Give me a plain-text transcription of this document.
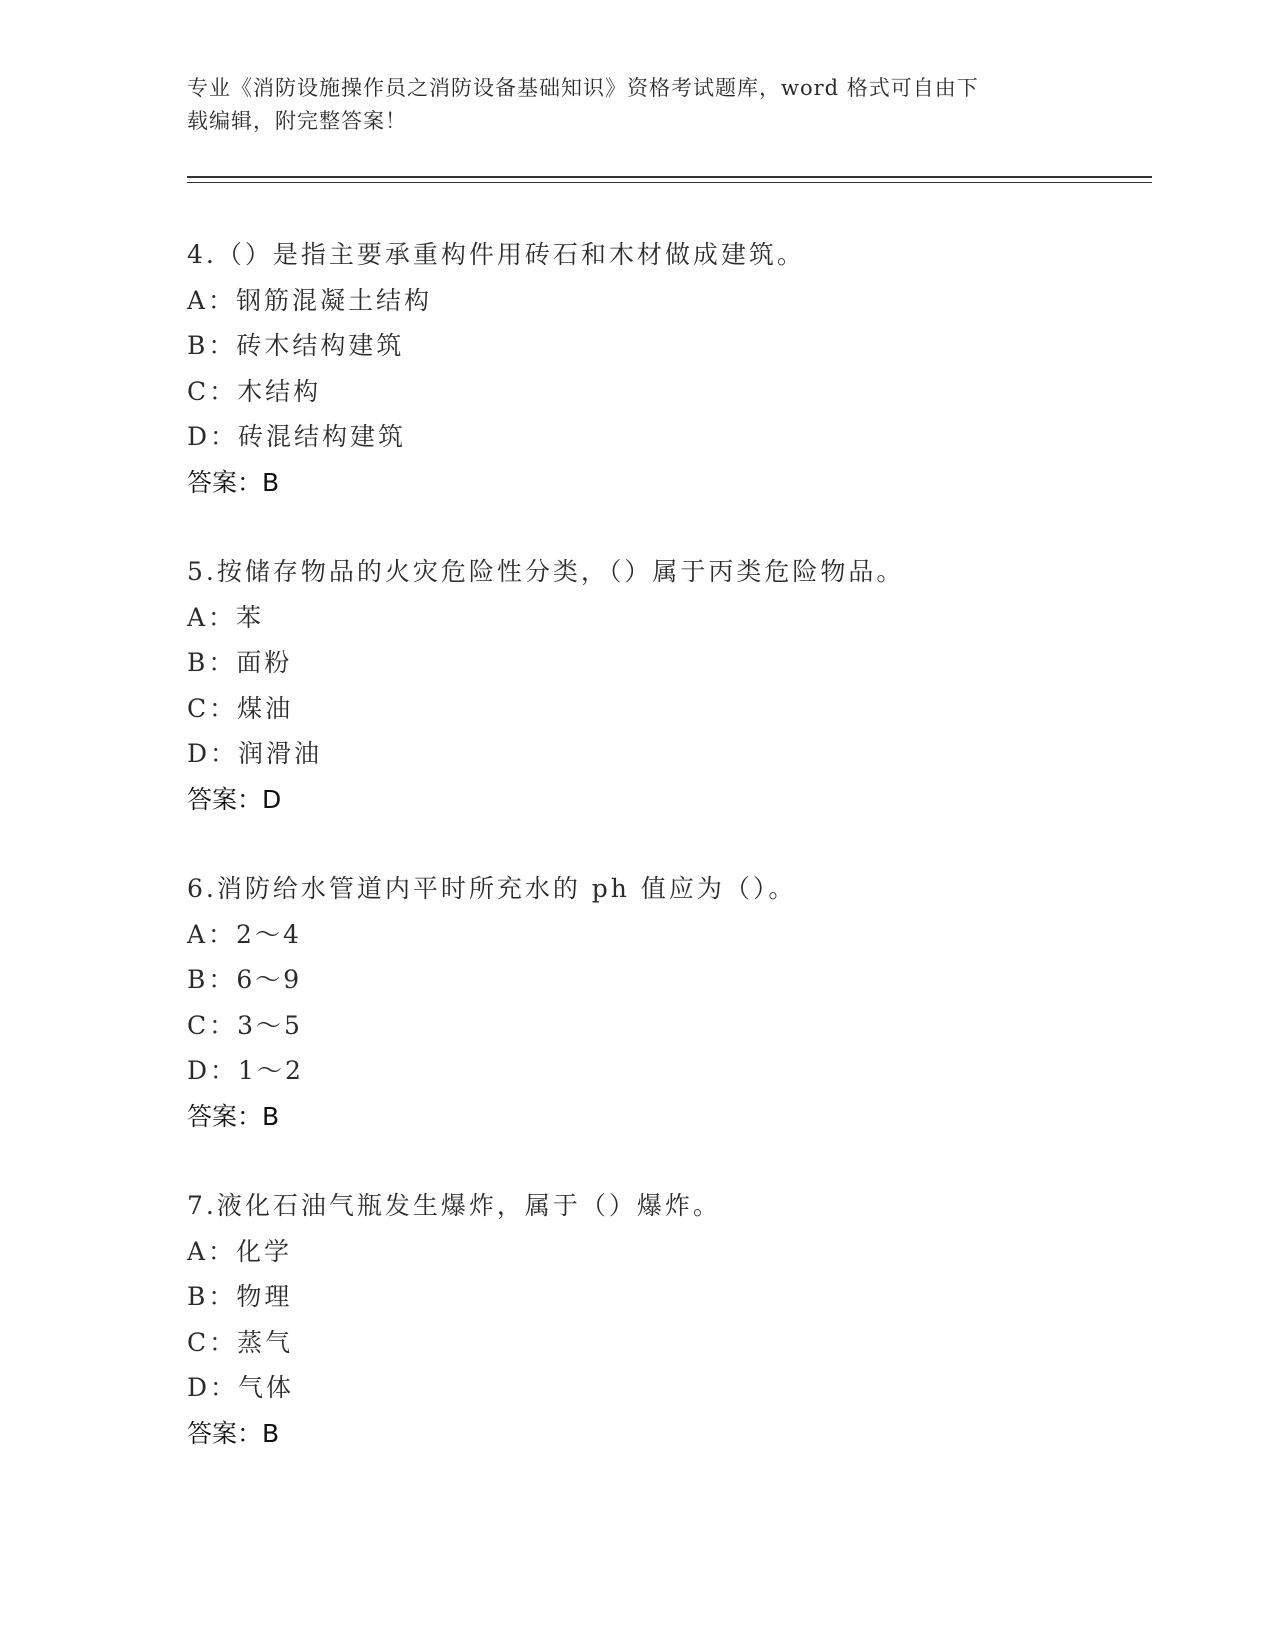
专业《消防设施操作员之消防设备基础知识》资格考试题库，word 格式可自由下
载编辑，附完整答案！
4.（）是指主要承重构件用砖石和木材做成建筑。
A：钢筋混凝土结构
B：砖木结构建筑
C：木结构
D：砖混结构建筑
答案：B
5.按储存物品的火灾危险性分类，（）属于丙类危险物品。
A：苯
B：面粉
C：煤油
D：润滑油
答案：D
6.消防给水管道内平时所充水的 ph 值应为（）。
A：2～4
B：6～9
C：3～5
D：1～2
答案：B
7.液化石油气瓶发生爆炸，属于（）爆炸。
A：化学
B：物理
C：蒸气
D：气体
答案：B
